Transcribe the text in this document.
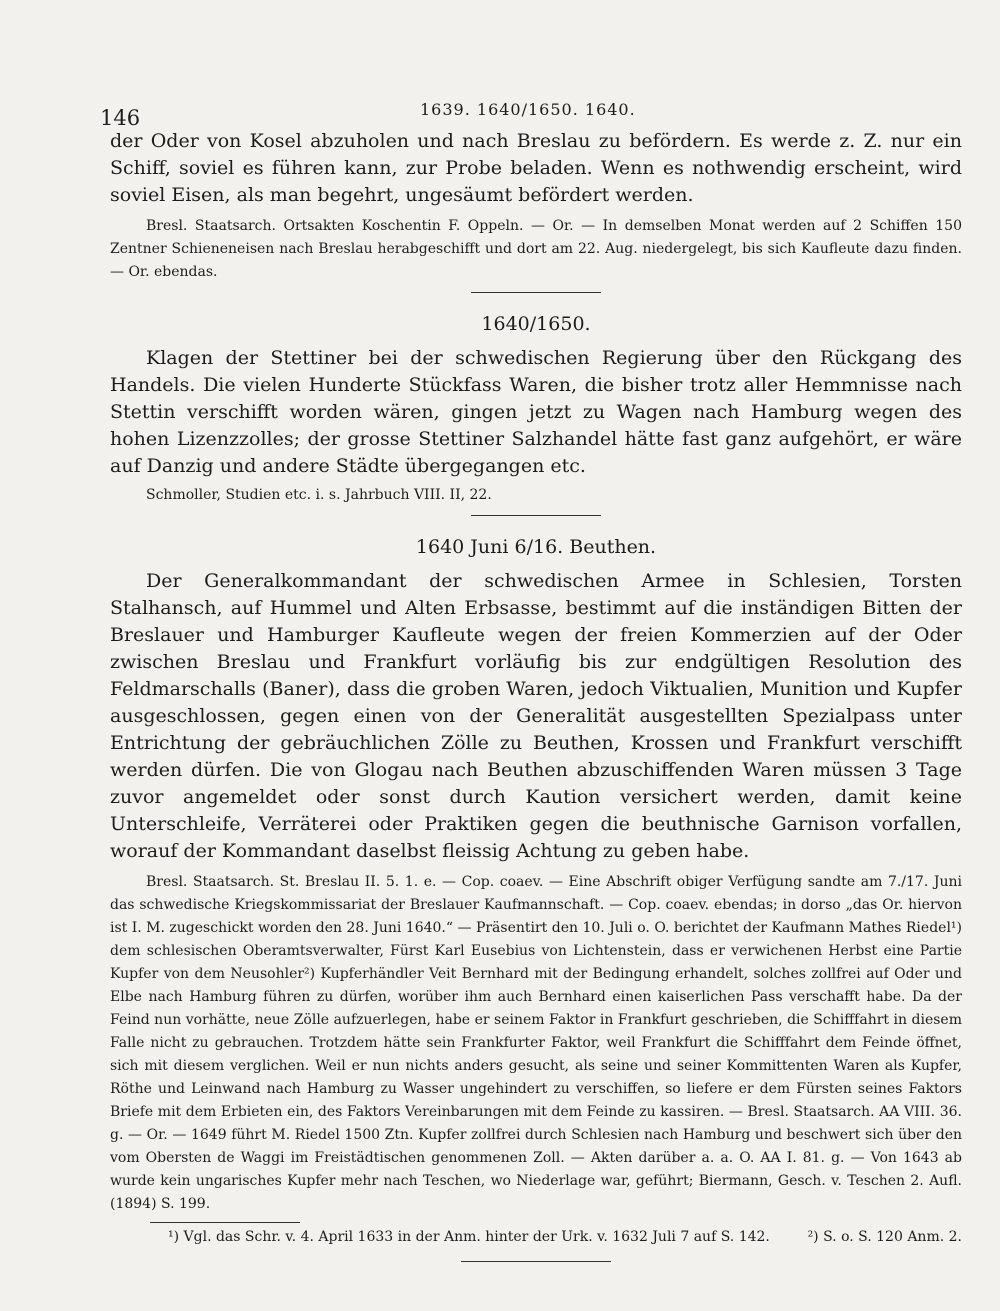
146	1639. 1640/1650. 1640.

der Oder von Kosel abzuholen und nach Breslau zu befördern. Es werde z. Z. nur ein Schiff, soviel es führen kann, zur Probe beladen. Wenn es nothwendig erscheint, wird soviel Eisen, als man begehrt, ungesäumt befördert werden.

Bresl. Staatsarch. Ortsakten Koschentin F. Oppeln. — Or. — In demselben Monat werden auf 2 Schiffen 150 Zentner Schieneneisen nach Breslau herabgeschifft und dort am 22. Aug. niedergelegt, bis sich Kaufleute dazu finden. — Or. ebendas.

1640/1650.

Klagen der Stettiner bei der schwedischen Regierung über den Rückgang des Handels. Die vielen Hunderte Stückfass Waren, die bisher trotz aller Hemmnisse nach Stettin verschifft worden wären, gingen jetzt zu Wagen nach Hamburg wegen des hohen Lizenzzolles; der grosse Stettiner Salzhandel hätte fast ganz aufgehört, er wäre auf Danzig und andere Städte übergegangen etc.

Schmoller, Studien etc. i. s. Jahrbuch VIII. II, 22.

1640 Juni 6/16. Beuthen.

Der Generalkommandant der schwedischen Armee in Schlesien, Torsten Stalhansch, auf Hummel und Alten Erbsasse, bestimmt auf die inständigen Bitten der Breslauer und Hamburger Kaufleute wegen der freien Kommerzien auf der Oder zwischen Breslau und Frankfurt vorläufig bis zur endgültigen Resolution des Feldmarschalls (Baner), dass die groben Waren, jedoch Viktualien, Munition und Kupfer ausgeschlossen, gegen einen von der Generalität ausgestellten Spezialpass unter Entrichtung der gebräuchlichen Zölle zu Beuthen, Krossen und Frankfurt verschifft werden dürfen. Die von Glogau nach Beuthen abzuschiffenden Waren müssen 3 Tage zuvor angemeldet oder sonst durch Kaution versichert werden, damit keine Unterschleife, Verräterei oder Praktiken gegen die beuthnische Garnison vorfallen, worauf der Kommandant daselbst fleissig Achtung zu geben habe.

Bresl. Staatsarch. St. Breslau II. 5. 1. e. — Cop. coaev. — Eine Abschrift obiger Verfügung sandte am 7./17. Juni das schwedische Kriegskommissariat der Breslauer Kaufmannschaft. — Cop. coaev. ebendas; in dorso „das Or. hiervon ist I. M. zugeschickt worden den 28. Juni 1640.“ — Präsentirt den 10. Juli o. O. berichtet der Kaufmann Mathes Riedel¹) dem schlesischen Oberamtsverwalter, Fürst Karl Eusebius von Lichtenstein, dass er verwichenen Herbst eine Partie Kupfer von dem Neusohler²) Kupferhändler Veit Bernhard mit der Bedingung erhandelt, solches zollfrei auf Oder und Elbe nach Hamburg führen zu dürfen, worüber ihm auch Bernhard einen kaiserlichen Pass verschafft habe. Da der Feind nun vorhätte, neue Zölle aufzuerlegen, habe er seinem Faktor in Frankfurt geschrieben, die Schifffahrt in diesem Falle nicht zu gebrauchen. Trotzdem hätte sein Frankfurter Faktor, weil Frankfurt die Schifffahrt dem Feinde öffnet, sich mit diesem verglichen. Weil er nun nichts anders gesucht, als seine und seiner Kommittenten Waren als Kupfer, Röthe und Leinwand nach Hamburg zu Wasser ungehindert zu verschiffen, so liefere er dem Fürsten seines Faktors Briefe mit dem Erbieten ein, des Faktors Vereinbarungen mit dem Feinde zu kassiren. — Bresl. Staatsarch. AA VIII. 36. g. — Or. — 1649 führt M. Riedel 1500 Ztn. Kupfer zollfrei durch Schlesien nach Hamburg und beschwert sich über den vom Obersten de Waggi im Freistädtischen genommenen Zoll. — Akten darüber a. a. O. AA I. 81. g. — Von 1643 ab wurde kein ungarisches Kupfer mehr nach Teschen, wo Niederlage war, geführt; Biermann, Gesch. v. Teschen 2. Aufl. (1894) S. 199.

¹) Vgl. das Schr. v. 4. April 1633 in der Anm. hinter der Urk. v. 1632 Juli 7 auf S. 142.	²) S. o. S. 120 Anm. 2.
